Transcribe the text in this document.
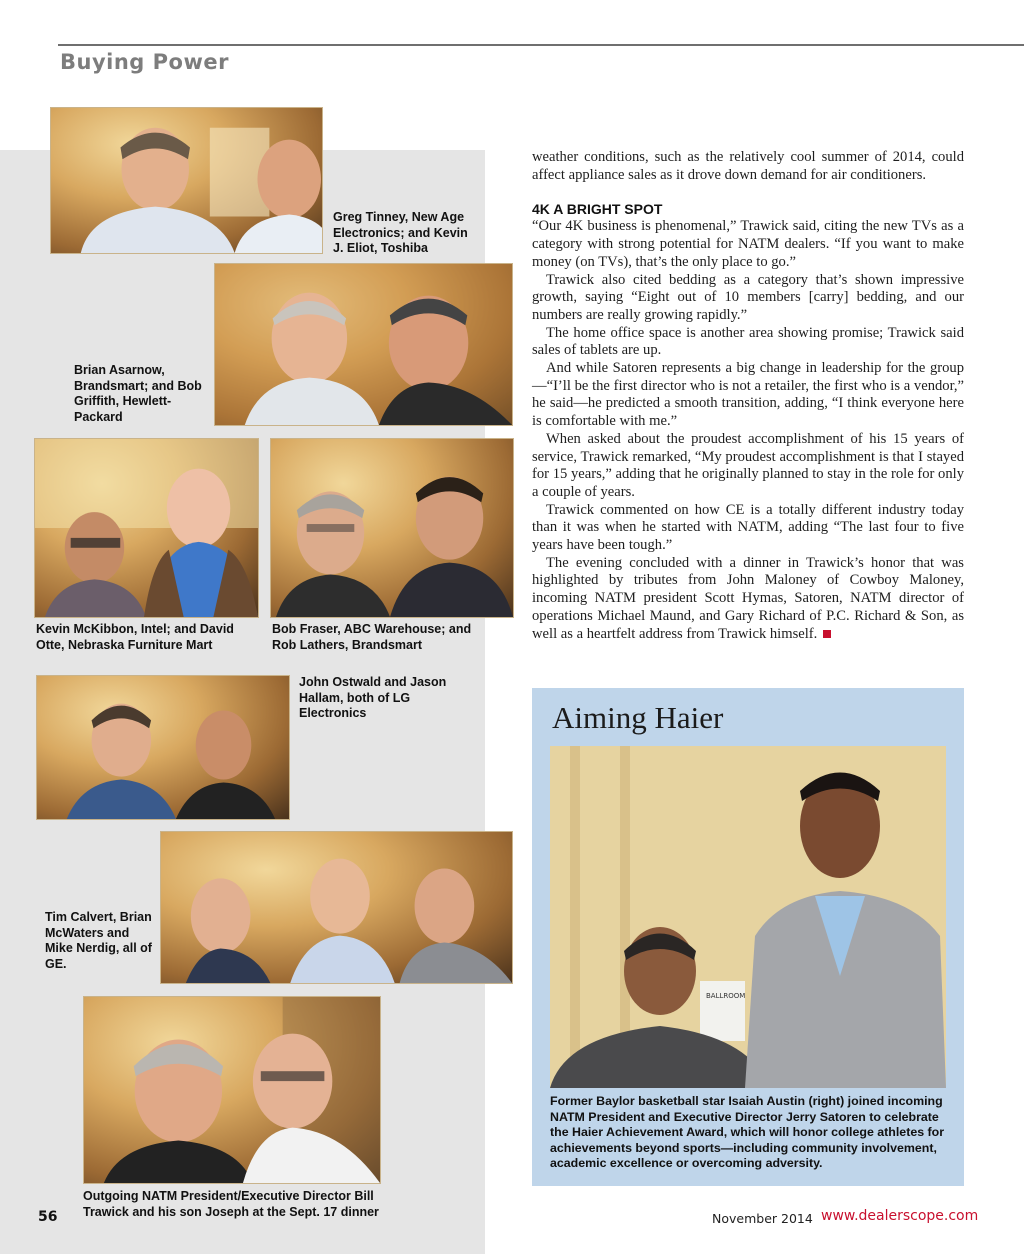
Buying Power

Greg Tinney, New Age Electronics; and Kevin J. Eliot, Toshiba

Brian Asarnow, Brandsmart; and Bob Griffith, Hewlett-Packard

Kevin McKibbon, Intel; and David Otte, Nebraska Furniture Mart

Bob Fraser, ABC Warehouse; and Rob Lathers, Brandsmart

John Ostwald and Jason Hallam, both of LG Electronics

Tim Calvert, Brian McWaters and Mike Nerdig, all of GE.

Outgoing NATM President/Executive Director Bill Trawick and his son Joseph at the Sept. 17 dinner

weather conditions, such as the relatively cool summer of 2014, could affect appliance sales as it drove down demand for air conditioners.

4K A BRIGHT SPOT

“Our 4K business is phenomenal,” Trawick said, citing the new TVs as a category with strong potential for NATM dealers. “If you want to make money (on TVs), that’s the only place to go.”

Trawick also cited bedding as a category that’s shown impressive growth, saying “Eight out of 10 members [carry] bedding, and our numbers are really growing rapidly.”

The home office space is another area showing promise; Trawick said sales of tablets are up.

And while Satoren represents a big change in leadership for the group—“I’ll be the first director who is not a retailer, the first who is a vendor,” he said—he predicted a smooth transition, adding, “I think everyone here is comfortable with me.”

When asked about the proudest accomplishment of his 15 years of service, Trawick remarked, “My proudest accomplishment is that I stayed for 15 years,” adding that he originally planned to stay in the role for only a couple of years.

Trawick commented on how CE is a totally different industry today than it was when he started with NATM, adding “The last four to five years have been tough.”

The evening concluded with a dinner in Trawick’s honor that was highlighted by tributes from John Maloney of Cowboy Maloney, incoming NATM president Scott Hymas, Satoren, NATM director of operations Michael Maund, and Gary Richard of P.C. Richard & Son, as well as a heartfelt address from Trawick himself.

Aiming Haier
BALLROOM

Former Baylor basketball star Isaiah Austin (right) joined incoming NATM President and Executive Director Jerry Satoren to celebrate the Haier Achievement Award, which will honor college athletes for achievements beyond sports—including community involvement, academic excellence or overcoming adversity.

56	November 2014 www.dealerscope.com
